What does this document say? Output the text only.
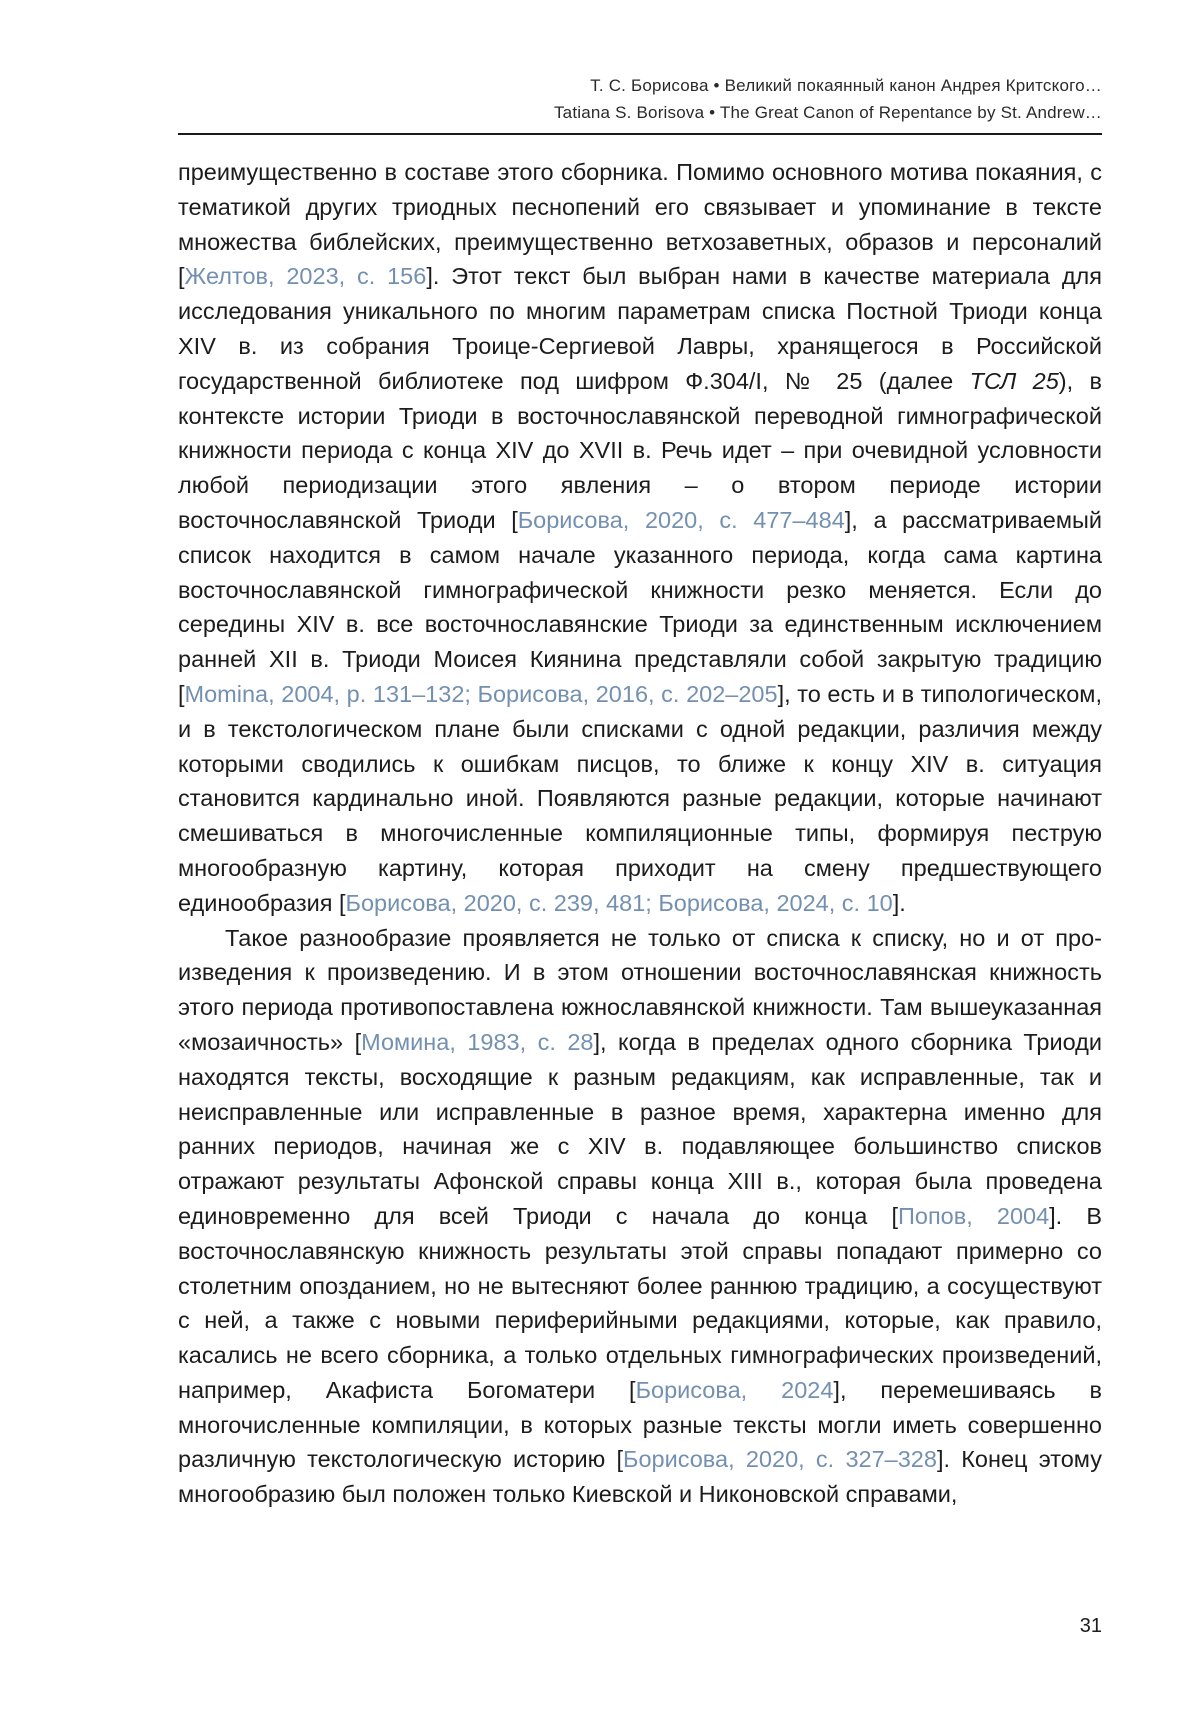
Т. С. Борисова • Великий покаянный канон Андрея Критского…
Tatiana S. Borisova • The Great Canon of Repentance by St. Andrew…

преимущественно в составе этого сборника. Помимо основного мотива покаяния, с тематикой других триодных песнопений его связывает и упоминание в тексте множества библейских, преимущественно ветхозаветных, образов и персоналий [Желтов, 2023, с. 156]. Этот текст был выбран нами в качестве материала для исследования уникального по многим параметрам списка Постной Триоди конца XIV в. из собрания Троице-Сергиевой Лавры, хранящегося в Российской государственной библиотеке под шифром Ф.304/I, № 25 (далее ТСЛ 25), в контексте истории Триоди в восточнославянской переводной гимнографической книжности периода с конца XIV до XVII в. Речь идет – при очевидной условности любой периодизации этого явления – о втором периоде истории восточнославянской Триоди [Борисова, 2020, с. 477–484], а рассматриваемый список находится в самом начале указанного периода, когда сама картина восточнославянской гимнографической книжности резко меняется. Если до середины XIV в. все восточнославянские Триоди за единственным исключением ранней XII в. Триоди Моисея Киянина представляли собой закрытую традицию [Momina, 2004, p. 131–132; Борисова, 2016, с. 202–205], то есть и в типологическом, и в текстологическом плане были списками с одной редакции, различия между которыми сводились к ошибкам писцов, то ближе к концу XIV в. ситуация становится кардинально иной. Появляются разные редакции, которые начинают смешиваться в многочисленные компиляционные типы, формируя пеструю многообразную картину, которая приходит на смену предшествующего единообразия [Борисова, 2020, с. 239, 481; Борисова, 2024, с. 10].

Такое разнообразие проявляется не только от списка к списку, но и от произведения к произведению. И в этом отношении восточнославянская книжность этого периода противопоставлена южнославянской книжности. Там вышеуказанная «мозаичность» [Момина, 1983, с. 28], когда в пределах одного сборника Триоди находятся тексты, восходящие к разным редакциям, как исправленные, так и неисправленные или исправленные в разное время, характерна именно для ранних периодов, начиная же с XIV в. подавляющее большинство списков отражают результаты Афонской справы конца XIII в., которая была проведена единовременно для всей Триоди с начала до конца [Попов, 2004]. В восточнославянскую книжность результаты этой справы попадают примерно со столетним опозданием, но не вытесняют более раннюю традицию, а сосуществуют с ней, а также с новыми периферийными редакциями, которые, как правило, касались не всего сборника, а только отдельных гимнографических произведений, например, Акафиста Богоматери [Борисова, 2024], перемешиваясь в многочисленные компиляции, в которых разные тексты могли иметь совершенно различную текстологическую историю [Борисова, 2020, с. 327–328]. Конец этому многообразию был положен только Киевской и Никоновской справами,

31
